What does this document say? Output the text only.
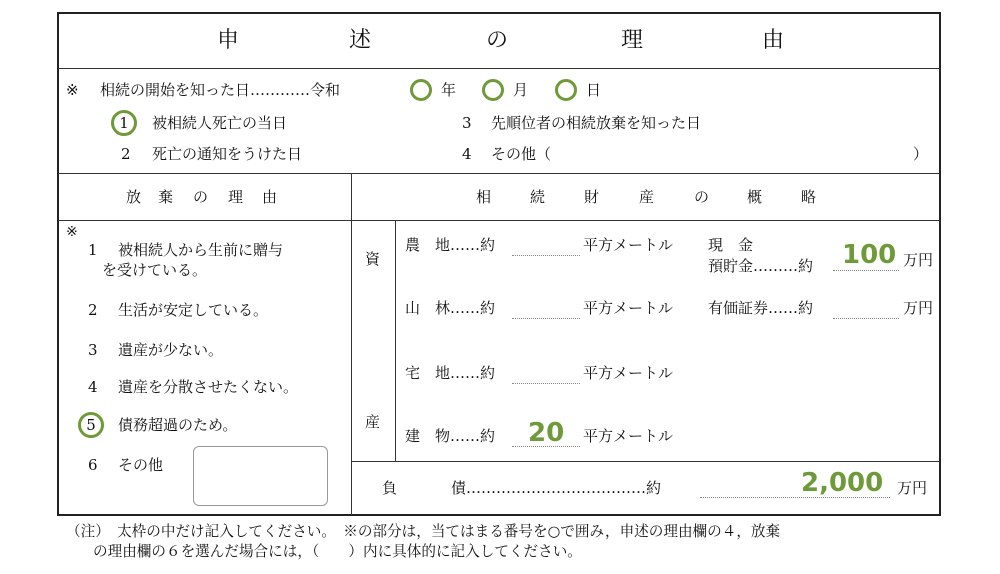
申	述	の	理	由
※ 相続の開始を知った日…………令和	年	月	日
1 被相続人死亡の当日	3 先順位者の相続放棄を知った日
2 死亡の通知をうけた日	4 その他（	）
放 棄 の 理 由	相	続	財	産	の	概	略
※
1 被相続人から生前に贈与
を受けている。
2 生活が安定している。
3 遺産が少ない。
4 遺産を分散させたくない。
5 債務超過のため。
6 その他
資
産
農　地……約	平方メートル 現　金
預貯金………約 100 万円
山　林……約	平方メートル 有価証券……約	万円
宅　地……約	平方メートル
建　物……約 20 平方メートル
負	債………………………………約	2,000 万円
（注）　太枠の中だけ記入してください。　※の部分は，当てはまる番号を○で囲み，申述の理由欄の４，放棄
の理由欄の６を選んだ場合には，（　　）内に具体的に記入してください。
